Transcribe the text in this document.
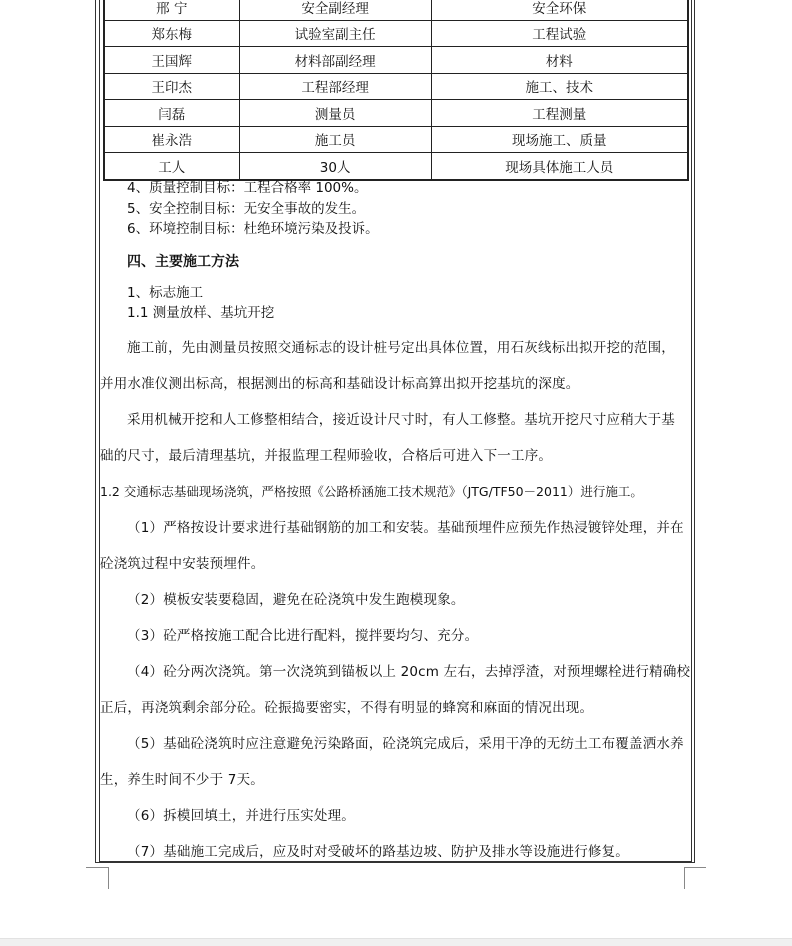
邢 宁	安全副经理	安全环保
郑东梅	试验室副主任	工程试验
王国辉	材料部副经理	材料
王印杰	工程部经理	施工、技术
闫磊	测量员	工程测量
崔永浩	施工员	现场施工、质量
工人	30人	现场具体施工人员
4、质量控制目标：工程合格率 100%。
5、安全控制目标：无安全事故的发生。
6、环境控制目标：杜绝环境污染及投诉。
四、主要施工方法
1、标志施工
1.1 测量放样、基坑开挖
施工前，先由测量员按照交通标志的设计桩号定出具体位置，用石灰线标出拟开挖的范围，
并用水准仪测出标高，根据测出的标高和基础设计标高算出拟开挖基坑的深度。
采用机械开挖和人工修整相结合，接近设计尺寸时，有人工修整。基坑开挖尺寸应稍大于基
础的尺寸，最后清理基坑，并报监理工程师验收，合格后可进入下一工序。
1.2 交通标志基础现场浇筑，严格按照《公路桥涵施工技术规范》（JTG/TF50－2011）进行施工。
（1）严格按设计要求进行基础钢筋的加工和安装。基础预埋件应预先作热浸镀锌处理，并在
砼浇筑过程中安装预埋件。
（2）模板安装要稳固，避免在砼浇筑中发生跑模现象。
（3）砼严格按施工配合比进行配料，搅拌要均匀、充分。
（4）砼分两次浇筑。第一次浇筑到锚板以上 20cm 左右，去掉浮渣，对预埋螺栓进行精确校
正后，再浇筑剩余部分砼。砼振捣要密实，不得有明显的蜂窝和麻面的情况出现。
（5）基础砼浇筑时应注意避免污染路面，砼浇筑完成后，采用干净的无纺土工布覆盖洒水养
生，养生时间不少于 7天。
（6）拆模回填土，并进行压实处理。
（7）基础施工完成后，应及时对受破坏的路基边坡、防护及排水等设施进行修复。
